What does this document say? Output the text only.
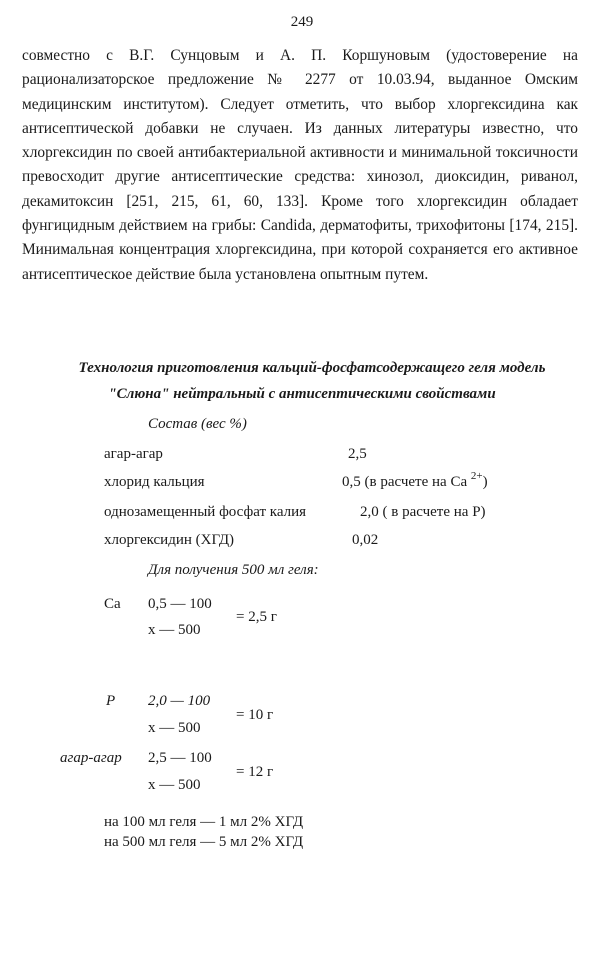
249
совместно с В.Г. Сунцовым и А. П. Коршуновым (удостоверение на рационализаторское предложение № 2277 от 10.03.94, выданное Омским медицинским институтом). Следует отметить, что выбор хлоргексидина как антисептической добавки не случаен. Из данных литературы известно, что хлоргексидин по своей антибактериальной активности и минимальной токсичности превосходит другие антисептические средства: хинозол, диоксидин, риванол, декамитоксин [251, 215, 61, 60, 133]. Кроме того хлоргексидин обладает фунгицидным действием на грибы: Candida, дерматофиты, трихофитоны [174, 215]. Минимальная концентрация хлоргексидина, при которой сохраняется его активное антисептическое действие была установлена опытным путем.
Технология приготовления кальций-фосфатсодержащего геля модель
"Слюна" нейтральный с антисептическими свойствами
Состав (вес %)
агар-агар	2,5
хлорид кальция	0,5 (в расчете на Са $^{2+}$)
однозамещенный фосфат калия	2,0 ( в расчете на Р)
хлоргексидин (ХГД)	0,02
Для получения 500 мл геля:
Са 0,5 — 100
х — 500
= 2,5 г
Р 2,0 — 100
х — 500
= 10 г
агар-агар 2,5 — 100
х — 500
= 12 г
на 100 мл геля — 1 мл 2% ХГД
на 500 мл геля — 5 мл 2% ХГД
